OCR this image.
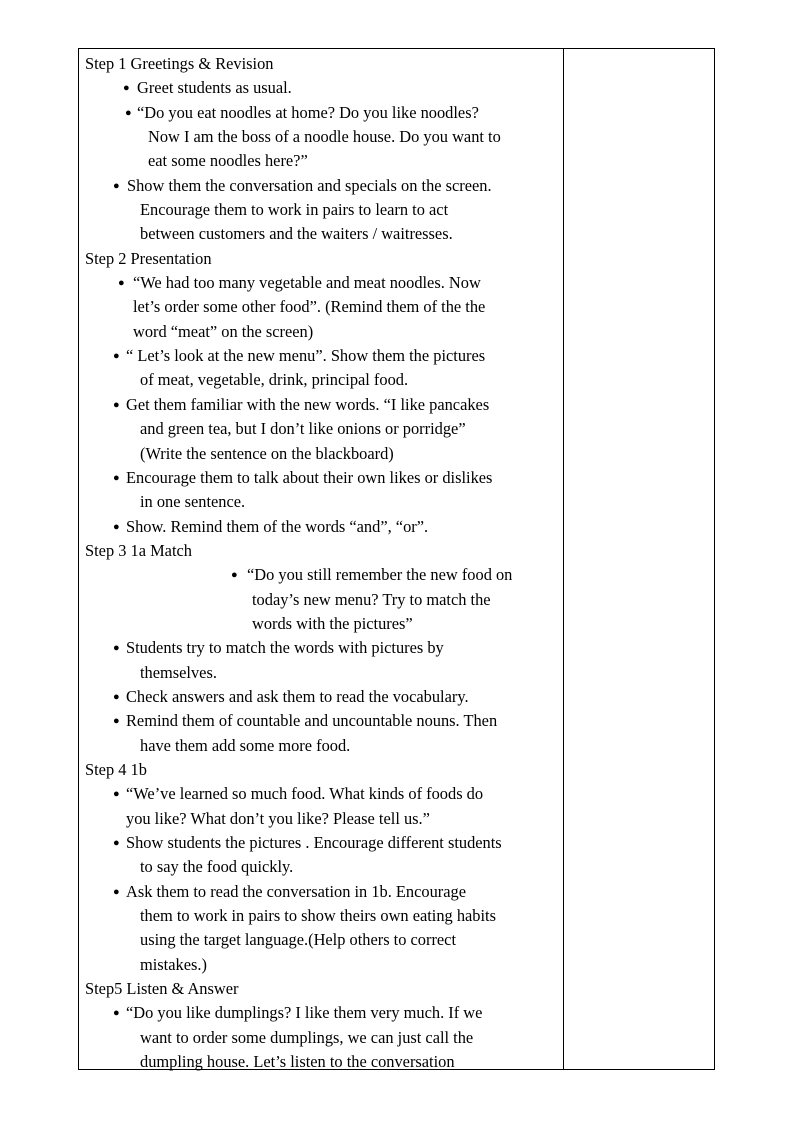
Step 1 Greetings & Revision
● Greet students as usual.
● “Do you eat noodles at home? Do you like noodles?
Now I am the boss of a noodle house. Do you want to
eat some noodles here?”
● Show them the conversation and specials on the screen.
Encourage them to work in pairs to learn to act
between customers and the waiters / waitresses.
Step 2 Presentation
● “We had too many vegetable and meat noodles. Now
let’s order some other food”. (Remind them of the the
word “meat” on the screen)
● “ Let’s look at the new menu”. Show them the pictures
of meat, vegetable, drink, principal food.
● Get them familiar with the new words. “I like pancakes
and green tea, but I don’t like onions or porridge”
(Write the sentence on the blackboard)
● Encourage them to talk about their own likes or dislikes
in one sentence.
● Show. Remind them of the words “and”, “or”.
Step 3 1a Match
● “Do you still remember the new food on
today’s new menu? Try to match the
words with the pictures”
● Students try to match the words with pictures by
themselves.
● Check answers and ask them to read the vocabulary.
● Remind them of countable and uncountable nouns. Then
have them add some more food.
Step 4 1b
● “We’ve learned so much food. What kinds of foods do
you like? What don’t you like? Please tell us.”
● Show students the pictures . Encourage different students
to say the food quickly.
● Ask them to read the conversation in 1b. Encourage
them to work in pairs to show theirs own eating habits
using the target language.(Help others to correct
mistakes.)
Step5 Listen & Answer
● “Do you like dumplings? I like them very much. If we
want to order some dumplings, we can just call the
dumpling house. Let’s listen to the conversation
